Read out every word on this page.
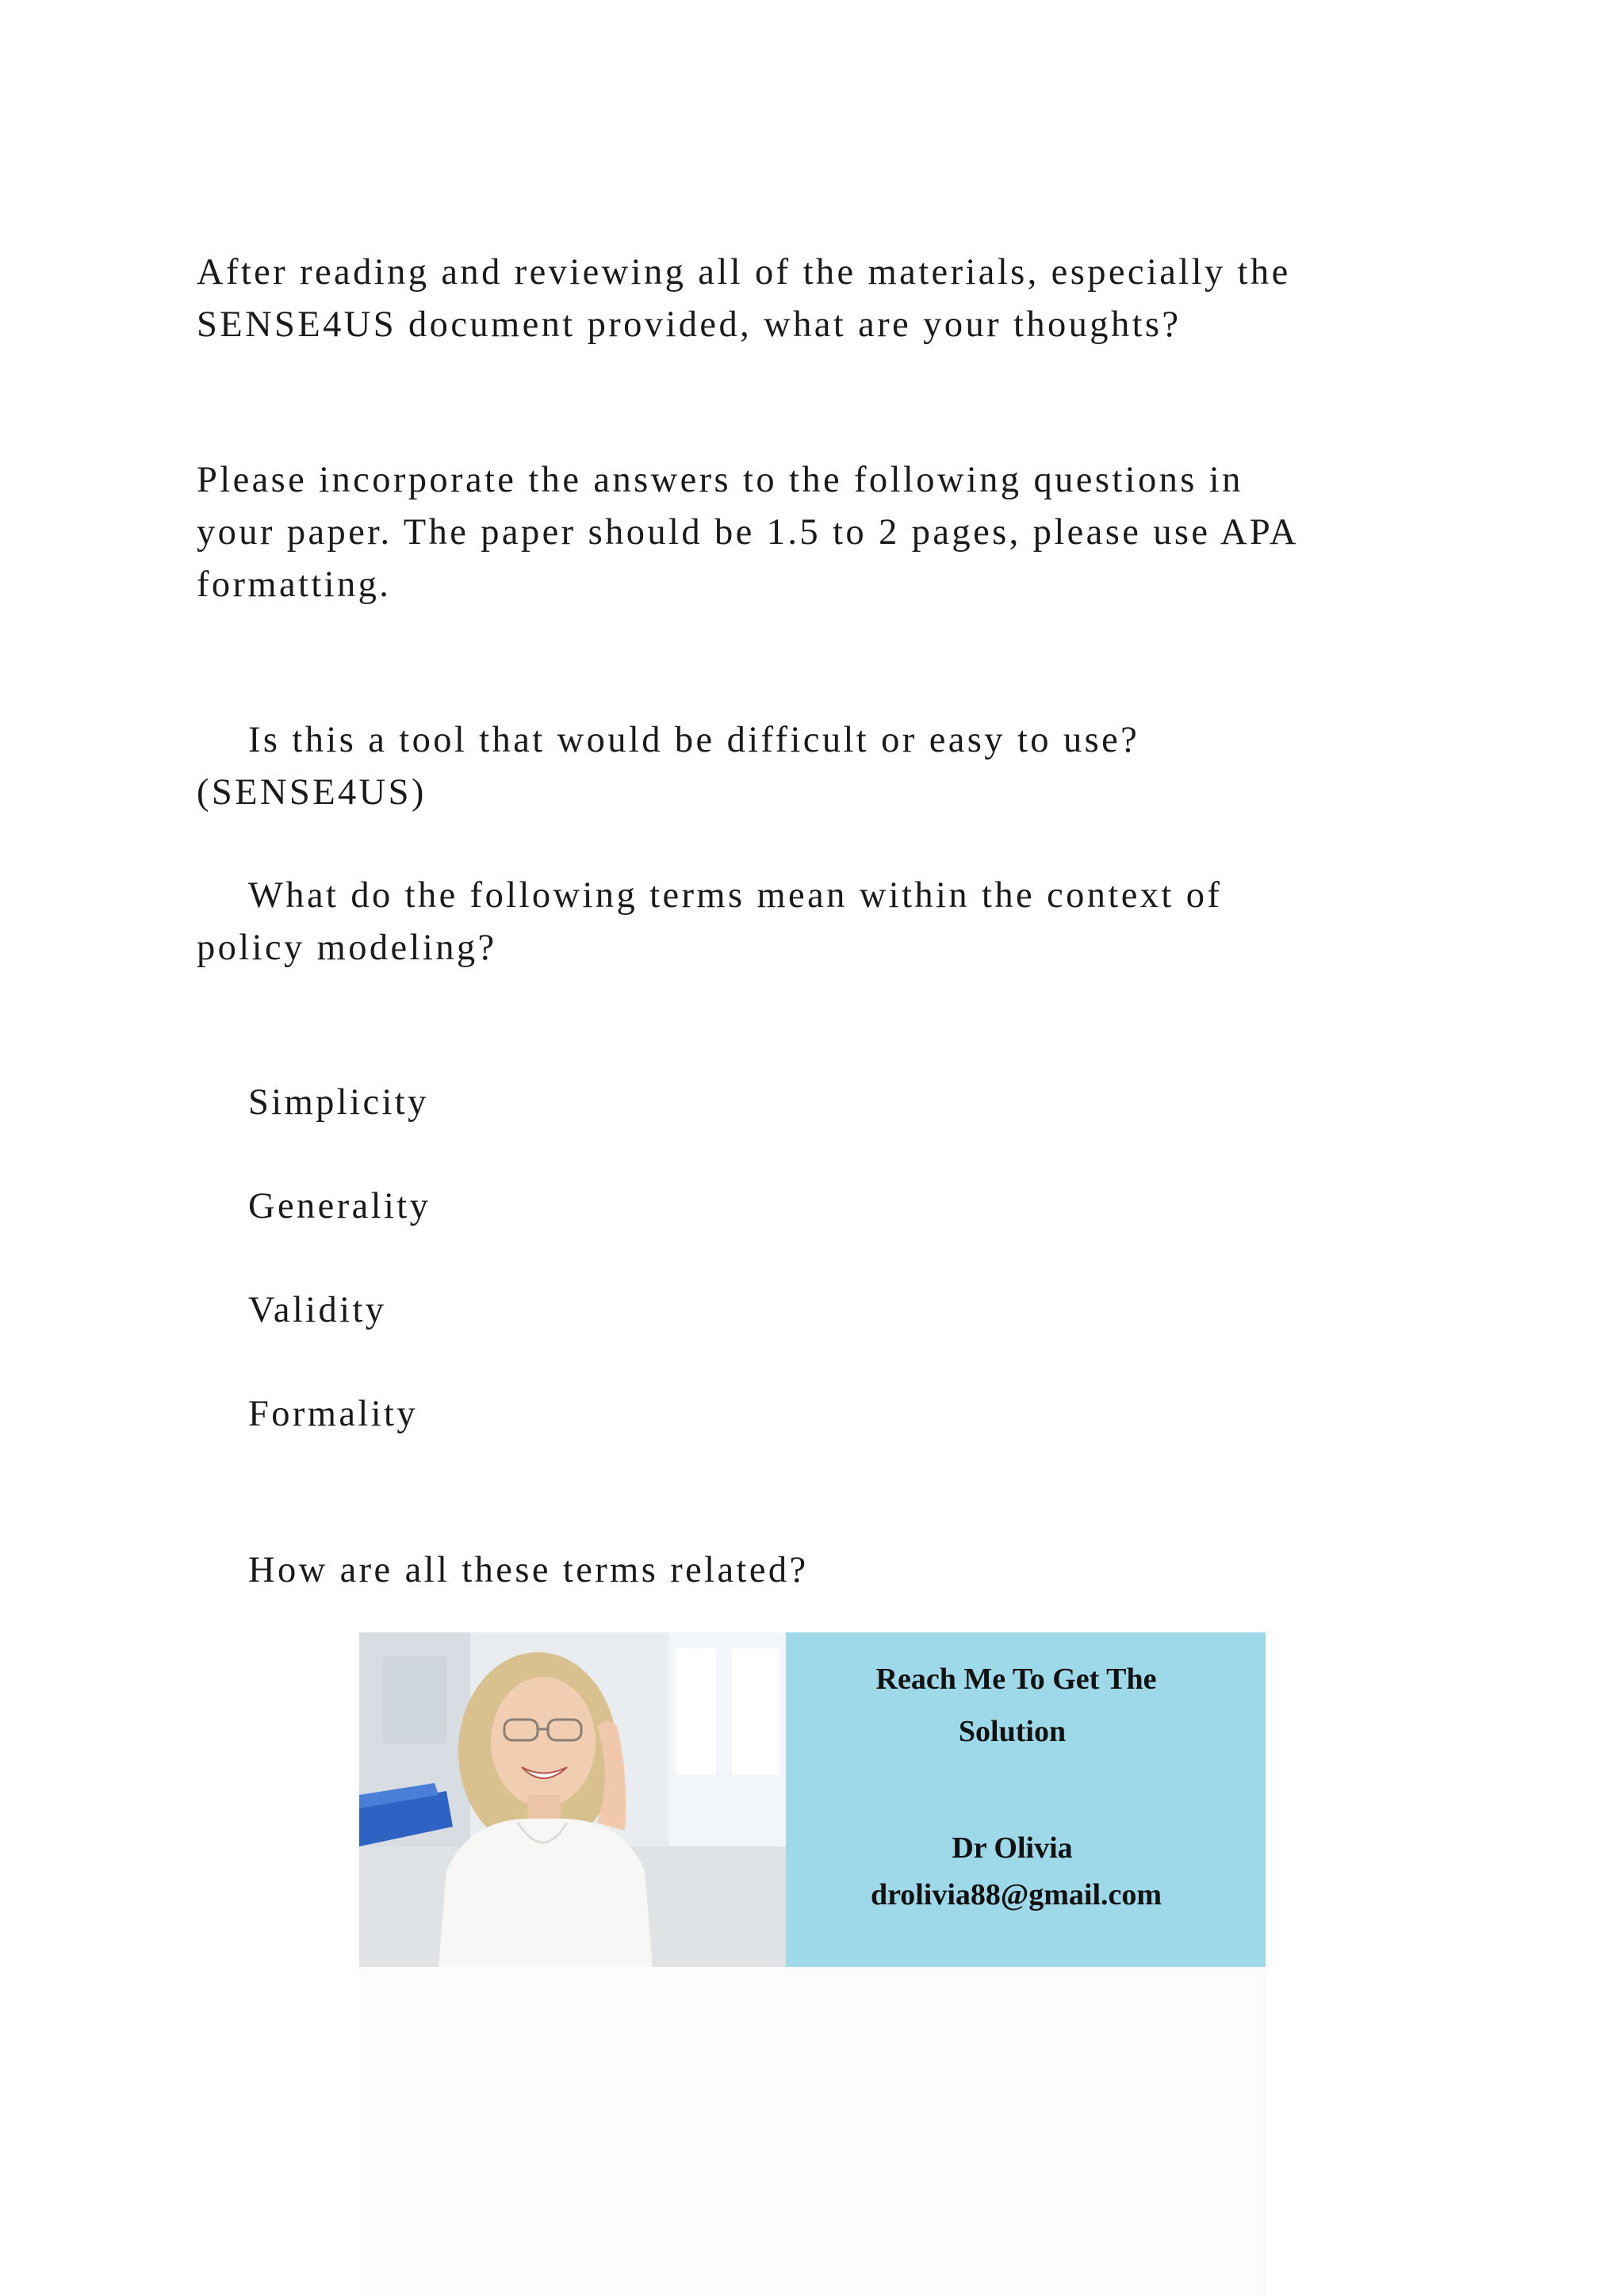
After reading and reviewing all of the materials, especially the

SENSE4US document provided, what are your thoughts?

Please incorporate the answers to the following questions in

your paper. The paper should be 1.5 to 2 pages, please use APA

formatting.

Is this a tool that would be difficult or easy to use?

(SENSE4US)

What do the following terms mean within the context of

policy modeling?

Simplicity

Generality

Validity

Formality

How are all these terms related?

Reach Me To Get The

Solution

Dr Olivia

drolivia88@gmail.com
